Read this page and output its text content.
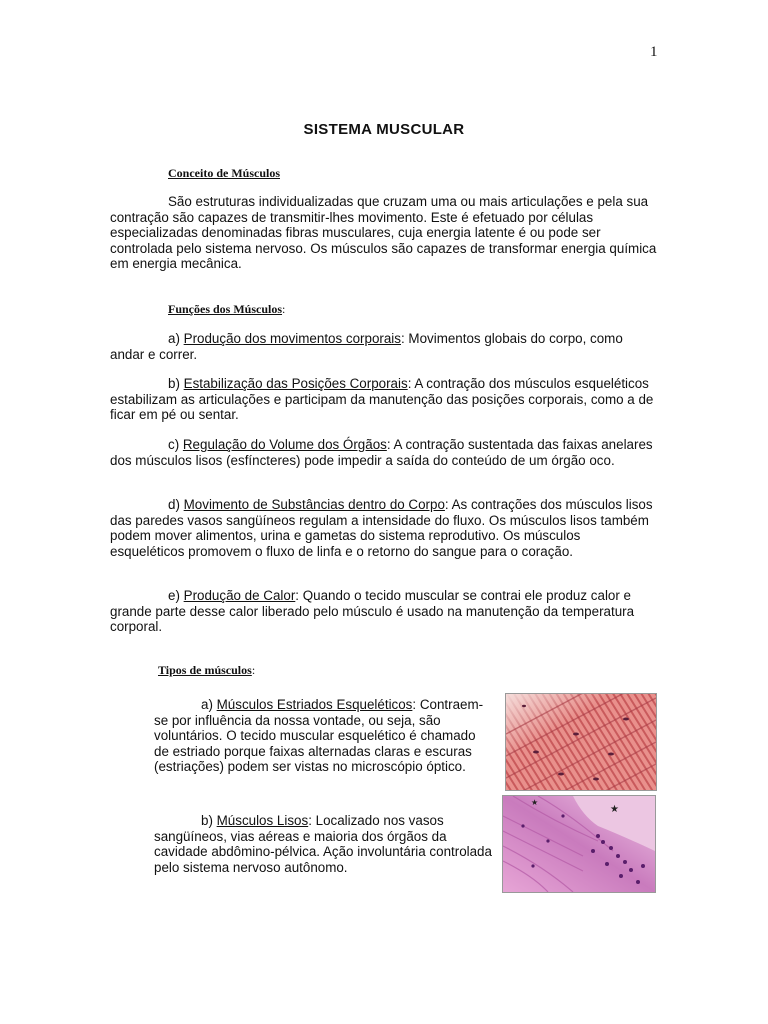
1
SISTEMA MUSCULAR
Conceito de Músculos
São estruturas individualizadas que cruzam uma ou mais articulações e pela sua contração são capazes de transmitir-lhes movimento. Este é efetuado por células especializadas denominadas fibras musculares, cuja energia latente é ou pode ser controlada pelo sistema nervoso. Os músculos são capazes de transformar energia química em energia mecânica.
Funções dos Músculos:
a) Produção dos movimentos corporais: Movimentos globais do corpo, como andar e correr.
b) Estabilização das Posições Corporais: A contração dos músculos esqueléticos estabilizam as articulações e participam da manutenção das posições corporais, como a de ficar em pé ou sentar.
c) Regulação do Volume dos Órgãos: A contração sustentada das faixas anelares dos músculos lisos (esfíncteres) pode impedir a saída do conteúdo de um órgão oco.
d) Movimento de Substâncias dentro do Corpo: As contrações dos músculos lisos das paredes vasos sangüíneos regulam a intensidade do fluxo. Os músculos lisos também podem mover alimentos, urina e gametas do sistema reprodutivo. Os músculos esqueléticos promovem o fluxo de linfa e o retorno do sangue para o coração.
e) Produção de Calor: Quando o tecido muscular se contrai ele produz calor e grande parte desse calor liberado pelo músculo é usado na manutenção da temperatura corporal.
Tipos de músculos:
a) Músculos Estriados Esqueléticos: Contraem-se por influência da nossa vontade, ou seja, são voluntários. O tecido muscular esquelético é chamado de estriado porque faixas alternadas claras e escuras (estriações) podem ser vistas no microscópio óptico.
b) Músculos Lisos: Localizado nos vasos sangüíneos, vias aéreas e maioria dos órgãos da cavidade abdômino-pélvica. Ação involuntária controlada pelo sistema nervoso autônomo.
★
★
